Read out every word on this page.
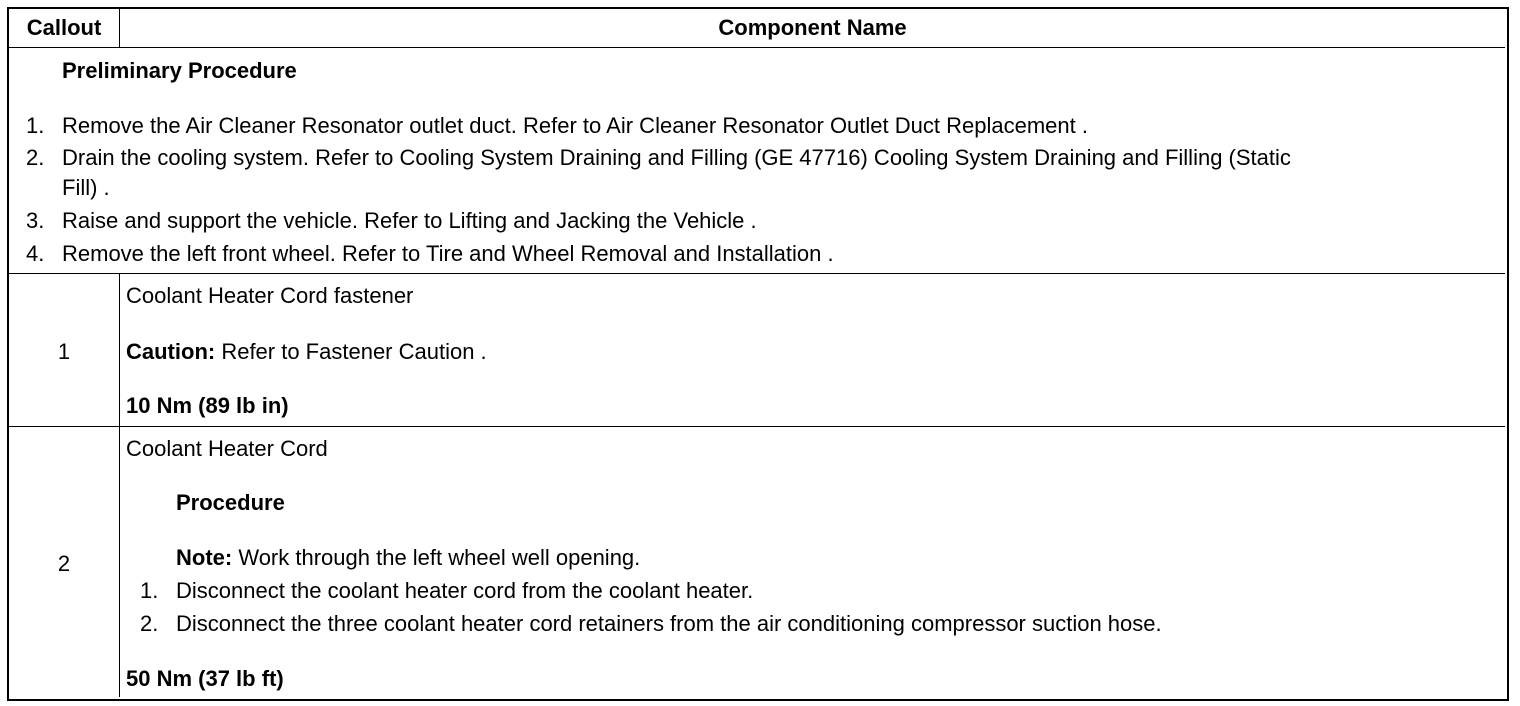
Callout	Component Name
Preliminary Procedure
1. Remove the Air Cleaner Resonator outlet duct. Refer to Air Cleaner Resonator Outlet Duct Replacement .
2. Drain the cooling system. Refer to Cooling System Draining and Filling (GE 47716) Cooling System Draining and Filling (Static
Fill) .
3. Raise and support the vehicle. Refer to Lifting and Jacking the Vehicle .
4. Remove the left front wheel. Refer to Tire and Wheel Removal and Installation .
1
Coolant Heater Cord fastener
Caution: Refer to Fastener Caution .
10 Nm (89 lb in)
2
Coolant Heater Cord
Procedure
Note: Work through the left wheel well opening.
1. Disconnect the coolant heater cord from the coolant heater.
2. Disconnect the three coolant heater cord retainers from the air conditioning compressor suction hose.
50 Nm (37 lb ft)
